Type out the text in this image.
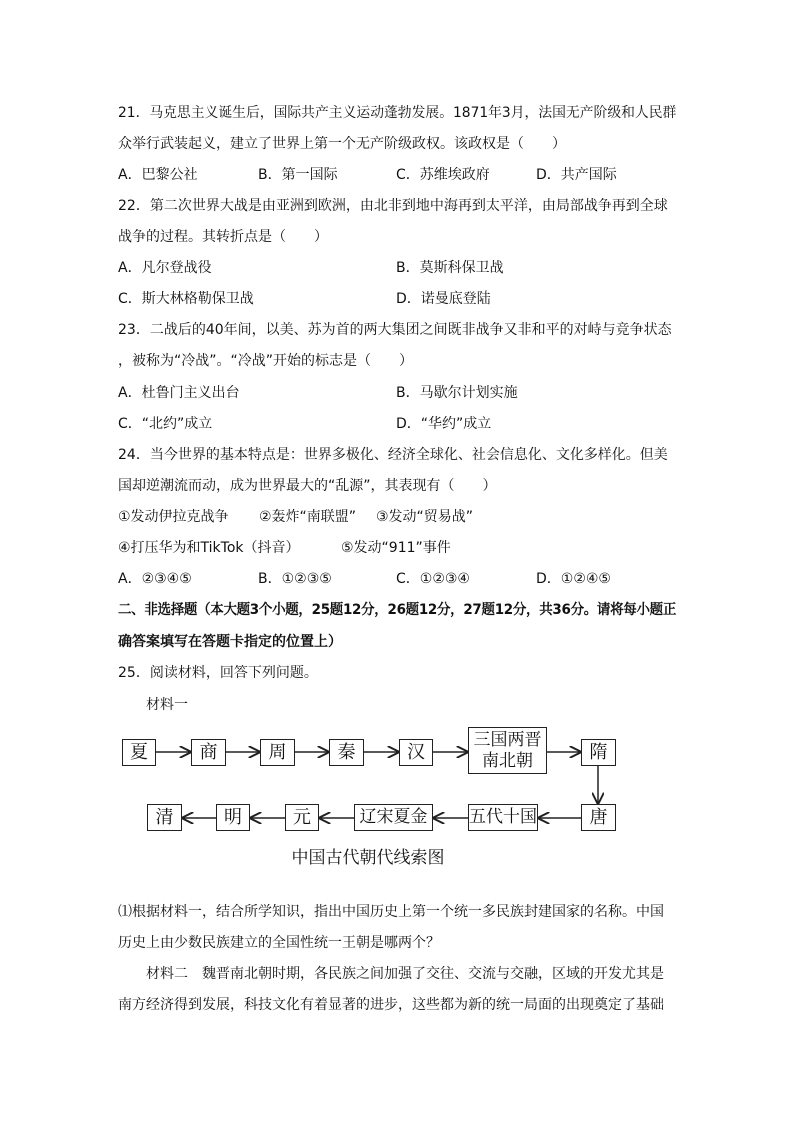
21．马克思主义诞生后，国际共产主义运动蓬勃发展。1871年3月，法国无产阶级和人民群
众举行武装起义，建立了世界上第一个无产阶级政权。该政权是（　　）
A．巴黎公社	B．第一国际	C．苏维埃政府	D．共产国际
22．第二次世界大战是由亚洲到欧洲，由北非到地中海再到太平洋，由局部战争再到全球
战争的过程。其转折点是（　　）
A．凡尔登战役	B．莫斯科保卫战
C．斯大林格勒保卫战	D．诺曼底登陆
23．二战后的40年间，以美、苏为首的两大集团之间既非战争又非和平的对峙与竞争状态
，被称为“冷战”。“冷战”开始的标志是（　　）
A．杜鲁门主义出台	B．马歇尔计划实施
C．“北约”成立	D．“华约”成立
24．当今世界的基本特点是：世界多极化、经济全球化、社会信息化、文化多样化。但美
国却逆潮流而动，成为世界最大的“乱源”，其表现有（　　）
①发动伊拉克战争 ②轰炸“南联盟” ③发动“贸易战”
④打压华为和TikTok（抖音）	⑤发动“911”事件
A．②③④⑤	B．①②③⑤	C．①②③④	D．①②④⑤
二、非选择题（本大题3个小题，25题12分，26题12分，27题12分，共36分。请将每小题正
确答案填写在答题卡指定的位置上）
25．阅读材料，回答下列问题。
材料一
夏	商	周	秦	汉
三国两晋南北朝	隋
唐
五代十国
辽宋夏金
元
明
清
中国古代朝代线索图
⑴根据材料一，结合所学知识，指出中国历史上第一个统一多民族封建国家的名称。中国
历史上由少数民族建立的全国性统一王朝是哪两个？
材料二　魏晋南北朝时期，各民族之间加强了交往、交流与交融，区域的开发尤其是
南方经济得到发展，科技文化有着显著的进步，这些都为新的统一局面的出现奠定了基础
